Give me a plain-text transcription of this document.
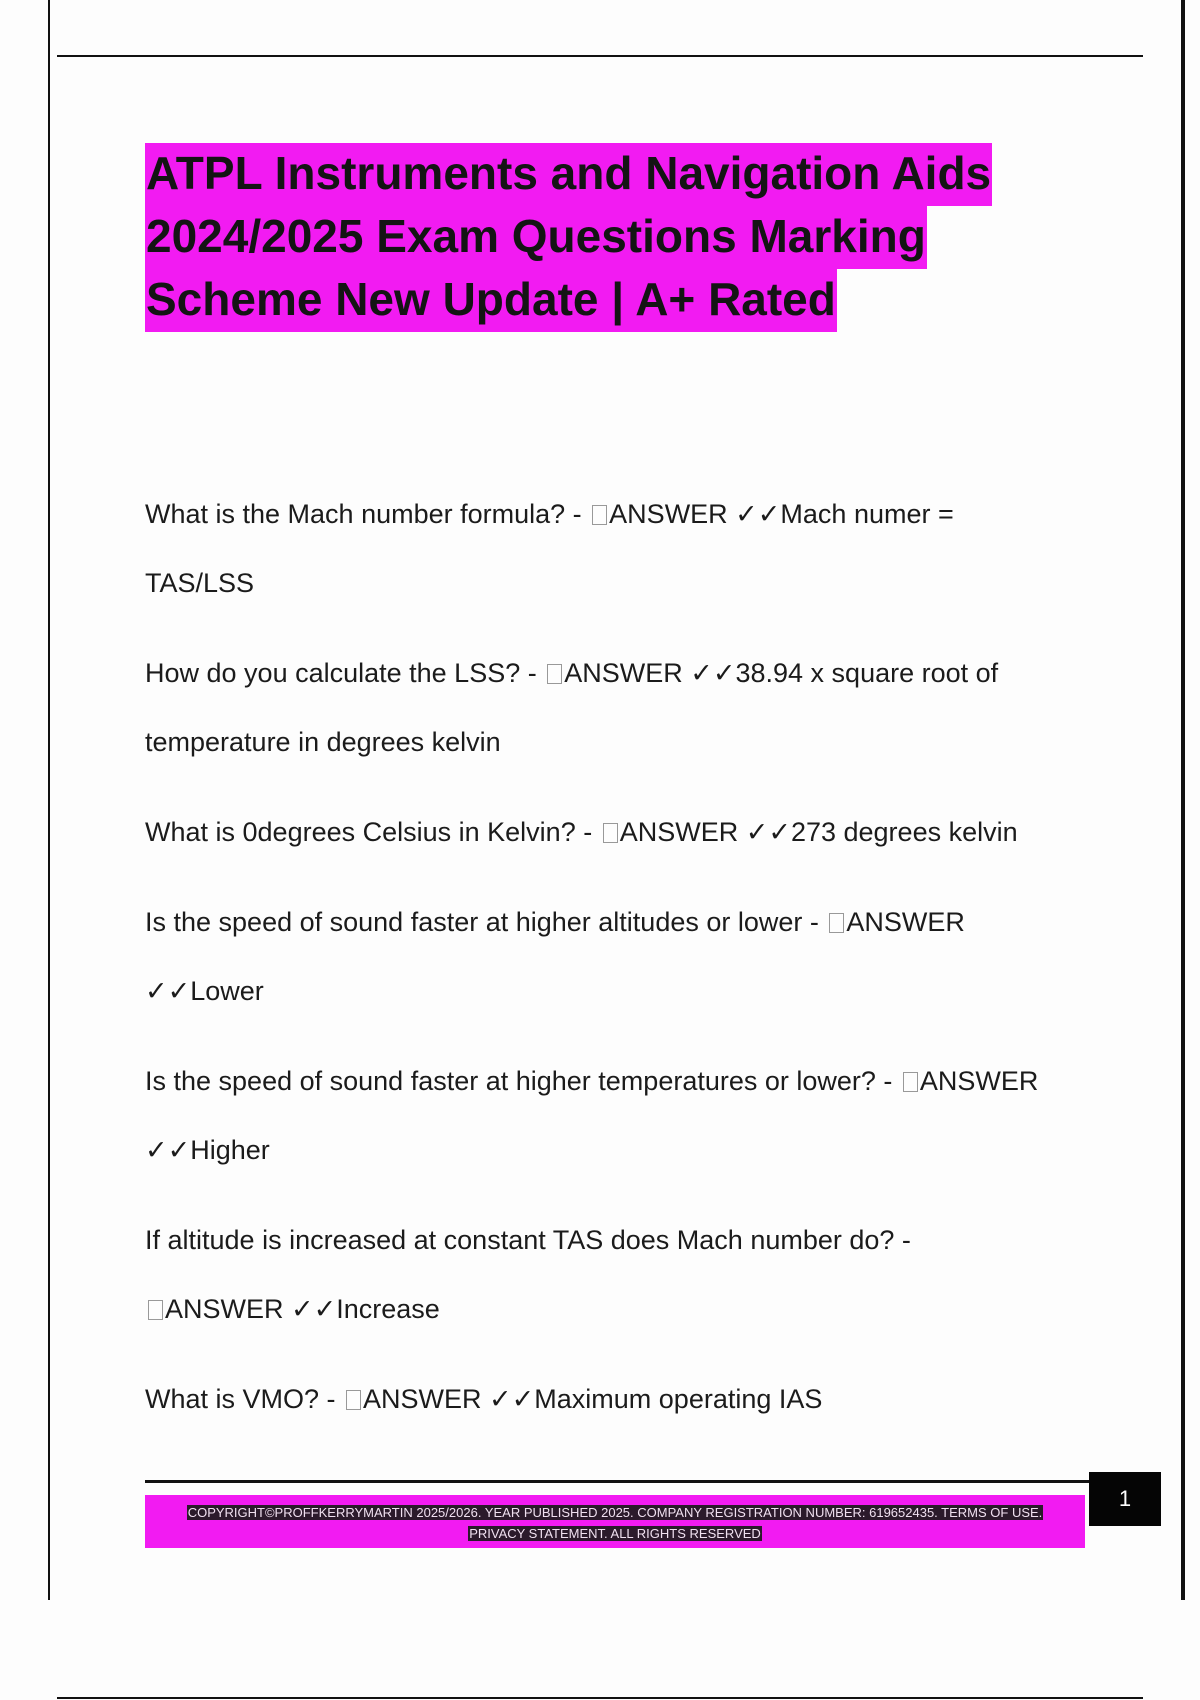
ATPL Instruments and Navigation Aids
2024/2025 Exam Questions Marking
Scheme New Update | A+ Rated
What is the Mach number formula? - ANSWER ✓✓Mach numer =
TAS/LSS
How do you calculate the LSS? - ANSWER ✓✓38.94 x square root of
temperature in degrees kelvin
What is 0degrees Celsius in Kelvin? - ANSWER ✓✓273 degrees kelvin
Is the speed of sound faster at higher altitudes or lower - ANSWER
✓✓Lower
Is the speed of sound faster at higher temperatures or lower? - ANSWER
✓✓Higher
If altitude is increased at constant TAS does Mach number do? -
ANSWER ✓✓Increase
What is VMO? - ANSWER ✓✓Maximum operating IAS
COPYRIGHT©PROFFKERRYMARTIN 2025/2026. YEAR PUBLISHED 2025. COMPANY REGISTRATION NUMBER: 619652435. TERMS OF USE.
PRIVACY STATEMENT. ALL RIGHTS RESERVED
1
